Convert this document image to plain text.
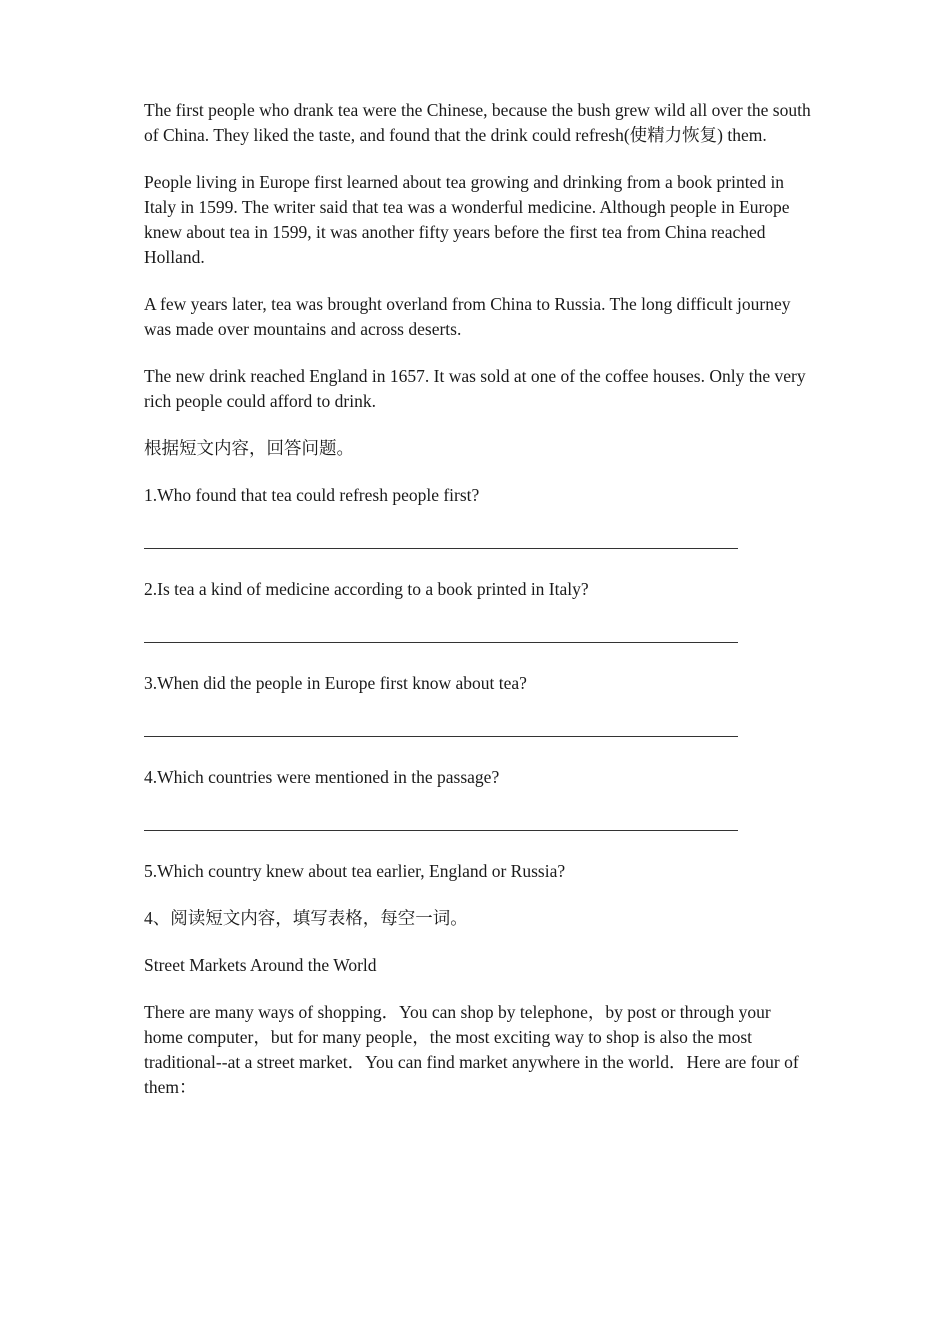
The first people who drank tea were the Chinese, because the bush grew wild all over the south of China. They liked the taste, and found that the drink could refresh(使精力恢复) them.

People living in Europe first learned about tea growing and drinking from a book printed in Italy in 1599. The writer said that tea was a wonderful medicine. Although people in Europe knew about tea in 1599, it was another fifty years before the first tea from China reached Holland.

A few years later, tea was brought overland from China to Russia. The long difficult journey was made over mountains and across deserts.

The new drink reached England in 1657. It was sold at one of the coffee houses. Only the very rich people could afford to drink.

根据短文内容，回答问题。

1.Who found that tea could refresh people first?

2.Is tea a kind of medicine according to a book printed in Italy?

3.When did the people in Europe first know about tea?

4.Which countries were mentioned in the passage?

5.Which country knew about tea earlier, England or Russia?

4、阅读短文内容，填写表格，每空一词。

Street Markets Around the World

There are many ways of shopping．You can shop by telephone，by post or through your home computer，but for many people，the most exciting way to shop is also the most traditional--at a street market．You can find market anywhere in the world．Here are four of them：
